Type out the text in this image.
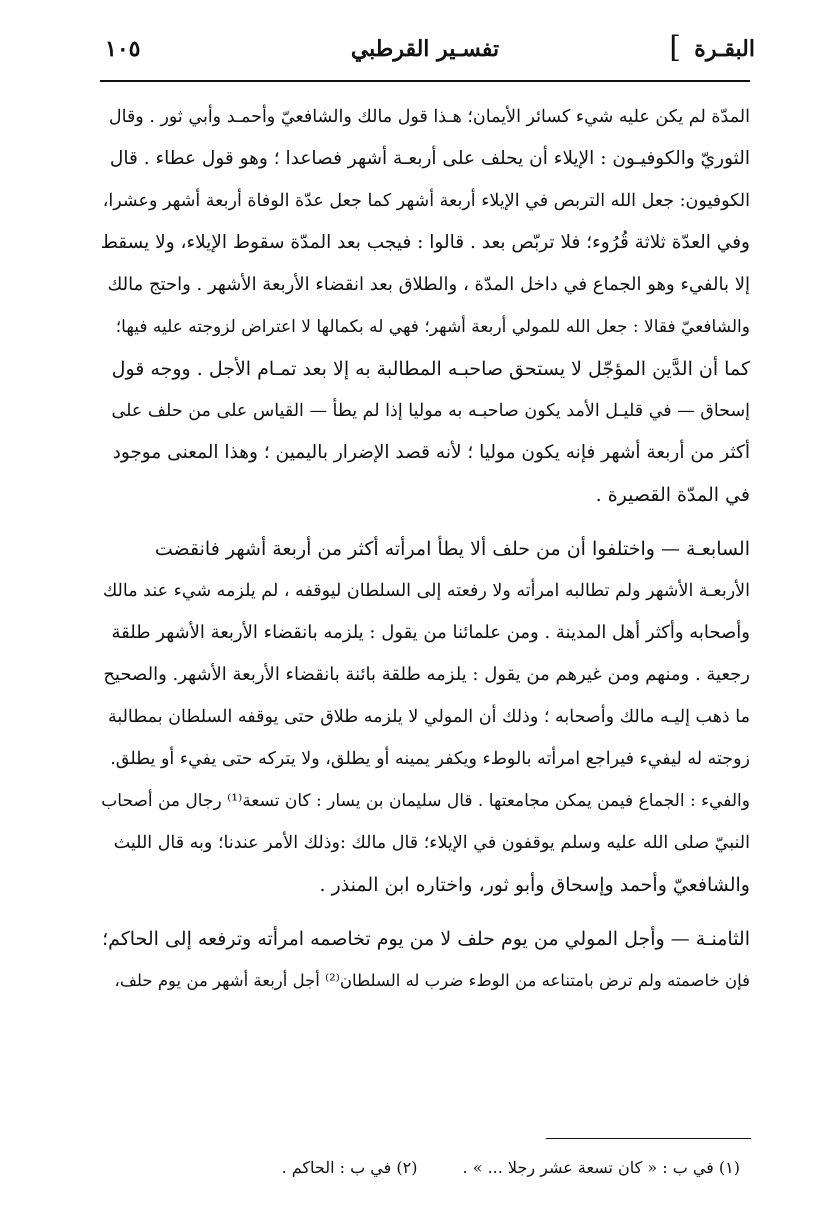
البقـرة
]
تفسـير القرطبي
١٠٥
المدّة لم يكن عليه شيء كسائر الأيمان؛ هـذا قول مالك والشافعيّ وأحمـد وأبي ثور . وقال
الثوريّ والكوفيـون : الإيلاء أن يحلف على أربعـة أشهر فصاعدا ؛ وهو قول عطاء . قال
الكوفيون: جعل الله التربص في الإيلاء أربعة أشهر كما جعل عدّة الوفاة أربعة أشهر وعشرا،
وفي العدّة ثلاثة قُرُوء؛ فلا تربّص بعد . قالوا : فيجب بعد المدّة سقوط الإيلاء، ولا يسقط
إلا بالفيء وهو الجماع في داخل المدّة ، والطلاق بعد انقضاء الأربعة الأشهر . واحتج مالك
والشافعيّ فقالا : جعل الله للمولي أربعة أشهر؛ فهي له بكمالها لا اعتراض لزوجته عليه فيها؛
كما أن الدَّين المؤجّل لا يستحق صاحبـه المطالبة به إلا بعد تمـام الأجل . ووجه قول
إسحاق — في قليـل الأمد يكون صاحبـه به موليا إذا لم يطأ — القياس على من حلف على
أكثر من أربعة أشهر فإنه يكون موليا ؛ لأنه قصد الإضرار باليمين ؛ وهذا المعنى موجود
في المدّة القصيرة .
السابعـة — واختلفوا أن من حلف ألا يطأ امرأته أكثر من أربعة أشهر فانقضت
الأربعـة الأشهر ولم تطالبه امرأته ولا رفعته إلى السلطان ليوقفه ، لم يلزمه شيء عند مالك
وأصحابه وأكثر أهل المدينة . ومن علمائنا من يقول : يلزمه بانقضاء الأربعة الأشهر طلقة
رجعية . ومنهم ومن غيرهم من يقول : يلزمه طلقة بائنة بانقضاء الأربعة الأشهر. والصحيح
ما ذهب إليـه مالك وأصحابه ؛ وذلك أن المولي لا يلزمه طلاق حتى يوقفه السلطان بمطالبة
زوجته له ليفيء فيراجع امرأته بالوطء ويكفر يمينه أو يطلق، ولا يتركه حتى يفيء أو يطلق.
والفيء : الجماع فيمن يمكن مجامعتها . قال سليمان بن يسار : كان تسعة⁽¹⁾ رجال من أصحاب
النبيّ صلى الله عليه وسلم يوقفون في الإيلاء؛ قال مالك :وذلك الأمر عندنا؛ وبه قال الليث
والشافعيّ وأحمد وإسحاق وأبو ثور، واختاره ابن المنذر .
الثامنـة — وأجل المولي من يوم حلف لا من يوم تخاصمه امرأته وترفعه إلى الحاكم؛
فإن خاصمته ولم ترض بامتناعه من الوطء ضرب له السلطان⁽²⁾ أجل أربعة أشهر من يوم حلف،
(١) في ب : « كان تسعة عشر رجلا ... » . (٢) في ب : الحاكم .
